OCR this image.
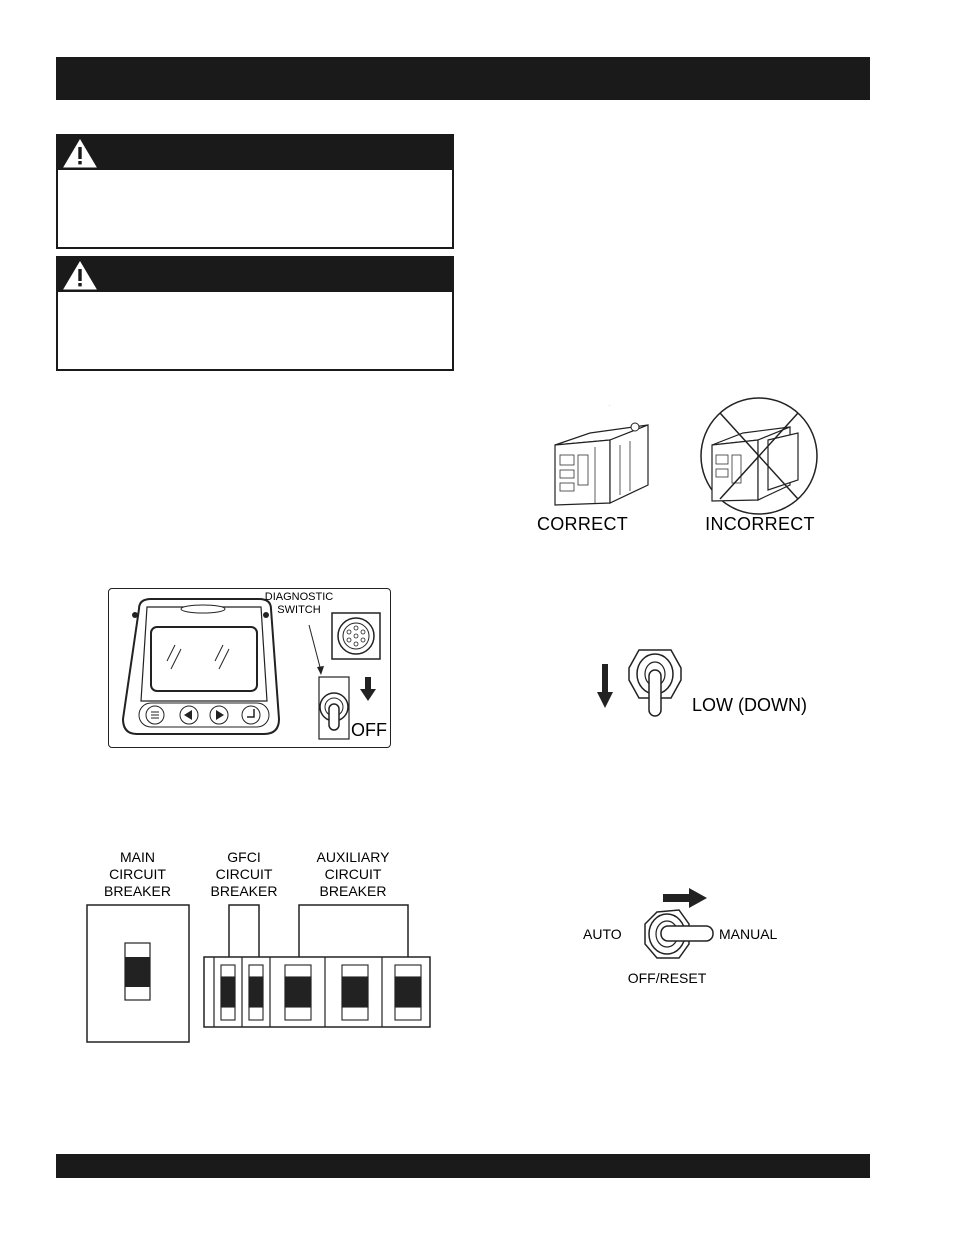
CORRECT	INCORRECT
DIAGNOSTIC
SWITCH
OFF
LOW (DOWN)
MAIN
CIRCUIT
BREAKER
GFCI
CIRCUIT
BREAKER
AUXILIARY
CIRCUIT
BREAKER
AUTO	MANUAL
OFF/RESET
